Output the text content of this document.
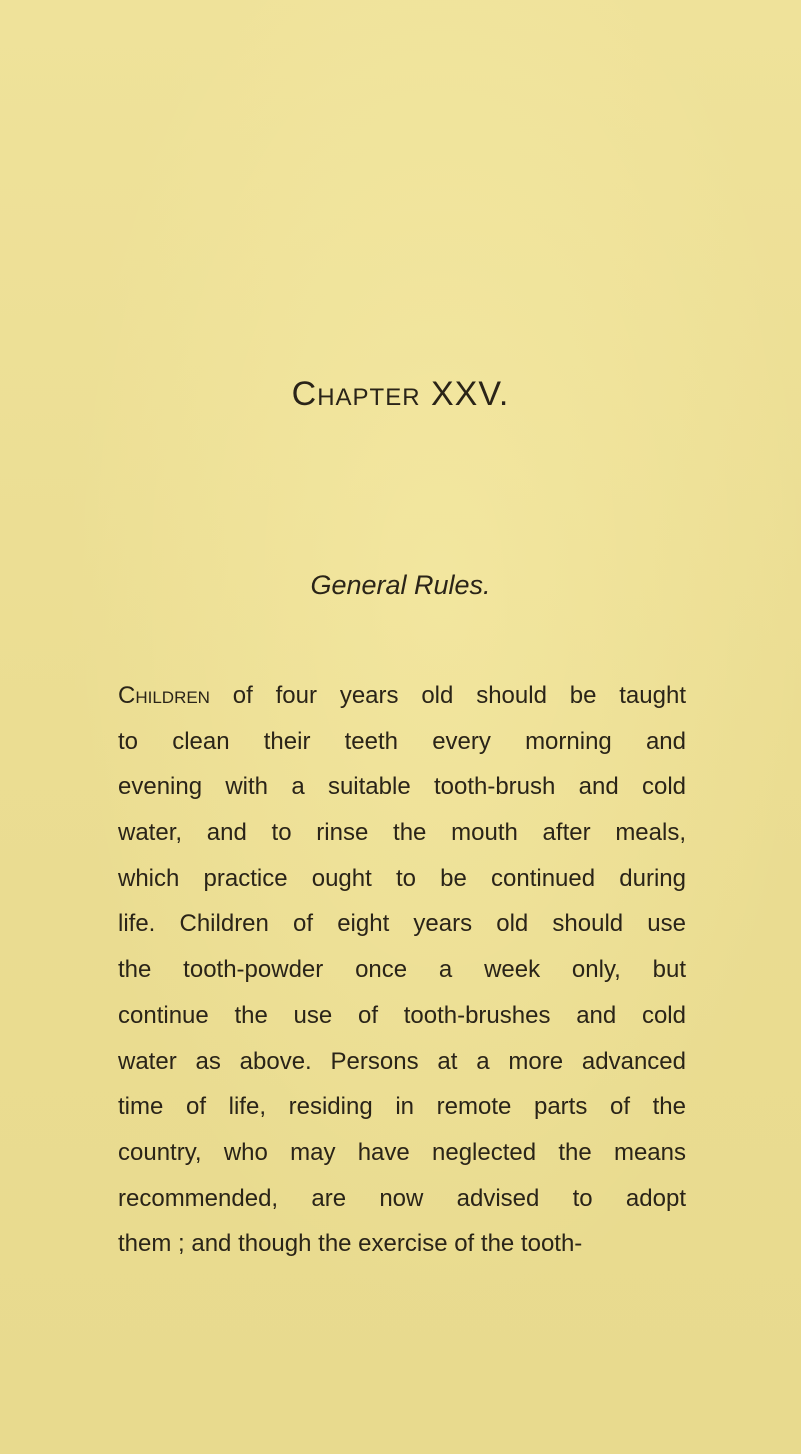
Chapter XXV.
General Rules.
Children of four years old should be taught
to clean their teeth every morning and
evening with a suitable tooth-brush and cold
water, and to rinse the mouth after meals,
which practice ought to be continued during
life. Children of eight years old should use
the tooth-powder once a week only, but
continue the use of tooth-brushes and cold
water as above. Persons at a more advanced
time of life, residing in remote parts of the
country, who may have neglected the means
recommended, are now advised to adopt
them ; and though the exercise of the tooth-
